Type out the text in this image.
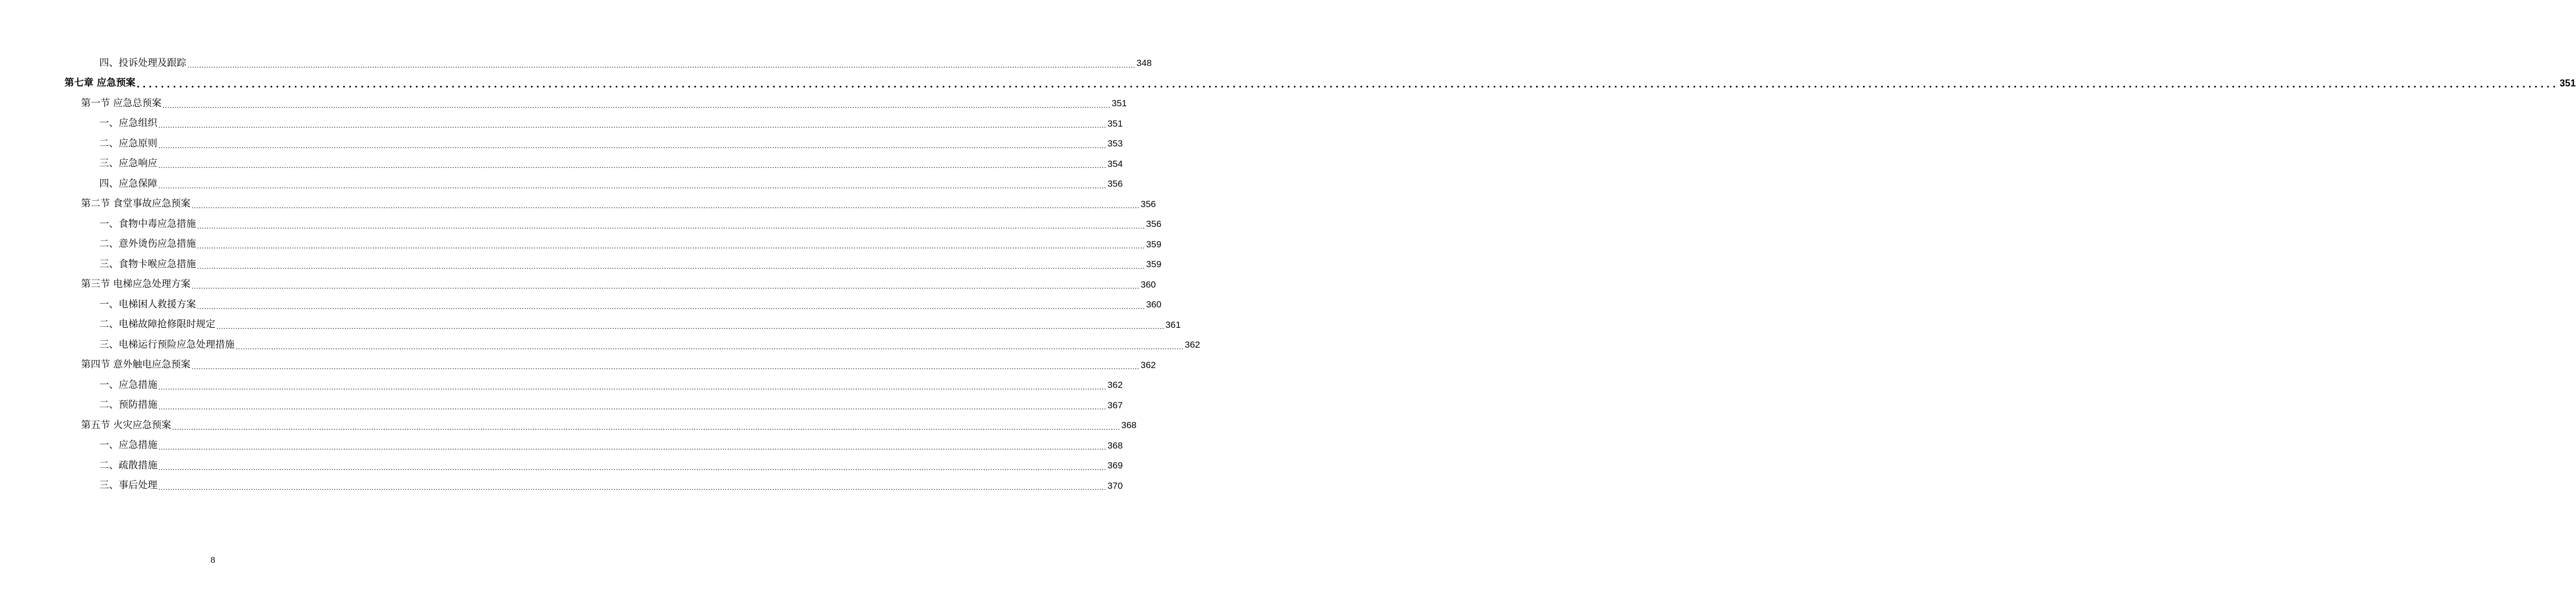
四、投诉处理及跟踪 ................................................................................................................................................................................................................................................................................................................................................................................................................ 348
第七章 应急预案 ................................................................................................................................................................................................................................................................................................................................................................................................................ 351
第一节 应急总预案 ................................................................................................................................................................................................................................................................................................................................................................................................................ 351
一、应急组织 ................................................................................................................................................................................................................................................................................................................................................................................................................ 351
二、应急原则 ................................................................................................................................................................................................................................................................................................................................................................................................................ 353
三、应急响应 ................................................................................................................................................................................................................................................................................................................................................................................................................ 354
四、应急保障 ................................................................................................................................................................................................................................................................................................................................................................................................................ 356
第二节 食堂事故应急预案 ................................................................................................................................................................................................................................................................................................................................................................................................................ 356
一、食物中毒应急措施 ................................................................................................................................................................................................................................................................................................................................................................................................................ 356
二、意外烫伤应急措施 ................................................................................................................................................................................................................................................................................................................................................................................................................ 359
三、食物卡喉应急措施 ................................................................................................................................................................................................................................................................................................................................................................................................................ 359
第三节 电梯应急处理方案 ................................................................................................................................................................................................................................................................................................................................................................................................................ 360
一、电梯困人救援方案 ................................................................................................................................................................................................................................................................................................................................................................................................................ 360
二、电梯故障抢修限时规定 ................................................................................................................................................................................................................................................................................................................................................................................................................ 361
三、电梯运行预险应急处理措施 ................................................................................................................................................................................................................................................................................................................................................................................................................ 362
第四节 意外触电应急预案 ................................................................................................................................................................................................................................................................................................................................................................................................................ 362
一、应急措施 ................................................................................................................................................................................................................................................................................................................................................................................................................ 362
二、预防措施 ................................................................................................................................................................................................................................................................................................................................................................................................................ 367
第五节 火灾应急预案 ................................................................................................................................................................................................................................................................................................................................................................................................................ 368
一、应急措施 ................................................................................................................................................................................................................................................................................................................................................................................................................ 368
二、疏散措施 ................................................................................................................................................................................................................................................................................................................................................................................................................ 369
三、事后处理 ................................................................................................................................................................................................................................................................................................................................................................................................................ 370
8
